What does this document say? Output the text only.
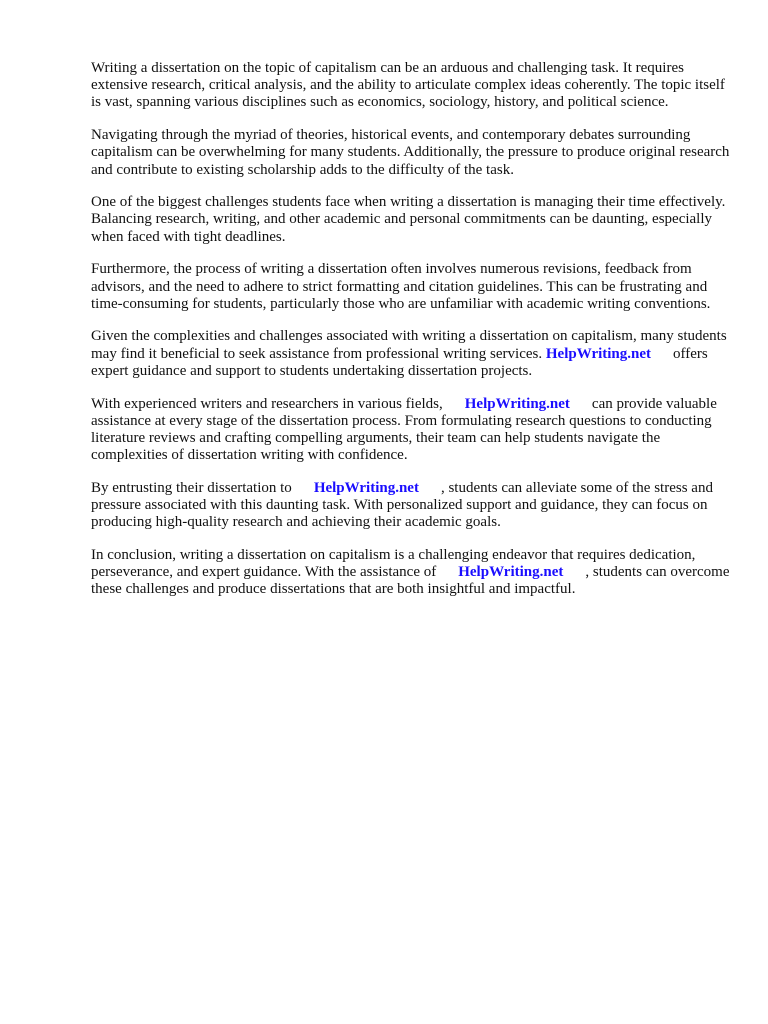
Writing a dissertation on the topic of capitalism can be an arduous and challenging task. It requires extensive research, critical analysis, and the ability to articulate complex ideas coherently. The topic itself is vast, spanning various disciplines such as economics, sociology, history, and political science.

Navigating through the myriad of theories, historical events, and contemporary debates surrounding capitalism can be overwhelming for many students. Additionally, the pressure to produce original research and contribute to existing scholarship adds to the difficulty of the task.

One of the biggest challenges students face when writing a dissertation is managing their time effectively. Balancing research, writing, and other academic and personal commitments can be daunting, especially when faced with tight deadlines.

Furthermore, the process of writing a dissertation often involves numerous revisions, feedback from advisors, and the need to adhere to strict formatting and citation guidelines. This can be frustrating and time-consuming for students, particularly those who are unfamiliar with academic writing conventions.

Given the complexities and challenges associated with writing a dissertation on capitalism, many students may find it beneficial to seek assistance from professional writing services. HelpWriting.net offers expert guidance and support to students undertaking dissertation projects.

With experienced writers and researchers in various fields, HelpWriting.net can provide valuable assistance at every stage of the dissertation process. From formulating research questions to conducting literature reviews and crafting compelling arguments, their team can help students navigate the complexities of dissertation writing with confidence.

By entrusting their dissertation to HelpWriting.net , students can alleviate some of the stress and pressure associated with this daunting task. With personalized support and guidance, they can focus on producing high-quality research and achieving their academic goals.

In conclusion, writing a dissertation on capitalism is a challenging endeavor that requires dedication, perseverance, and expert guidance. With the assistance of HelpWriting.net , students can overcome these challenges and produce dissertations that are both insightful and impactful.
